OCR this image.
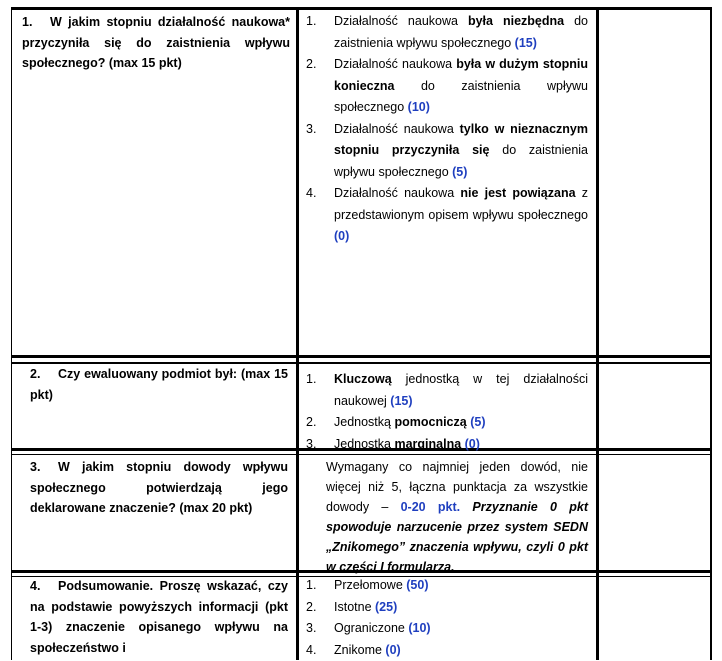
1. W jakim stopniu działalność naukowa* przyczyniła się do zaistnienia wpływu społecznego? (max 15 pkt)
1. Działalność naukowa była niezbędna do zaistnienia wpływu społecznego (15)
2. Działalność naukowa była w dużym stopniu konieczna do zaistnienia wpływu społecznego (10)
3. Działalność naukowa tylko w nieznacznym stopniu przyczyniła się do zaistnienia wpływu społecznego (5)
4. Działalność naukowa nie jest powiązana z przedstawionym opisem wpływu społecznego (0)
2. Czy ewaluowany podmiot był: (max 15 pkt)
1. Kluczową jednostką w tej działalności naukowej (15)
2. Jednostką pomocniczą (5)
3. Jednostką marginalną (0)
3. W jakim stopniu dowody wpływu społecznego potwierdzają jego deklarowane znaczenie? (max 20 pkt)
Wymagany co najmniej jeden dowód, nie więcej niż 5, łączna punktacja za wszystkie dowody – 0-20 pkt. Przyznanie 0 pkt spowoduje narzucenie przez system SEDN „Znikomego” znaczenia wpływu, czyli 0 pkt w części I formularza.
4. Podsumowanie. Proszę wskazać, czy na podstawie powyższych informacji (pkt 1-3) znaczenie opisanego wpływu na społeczeństwo i
1. Przełomowe (50)
2. Istotne (25)
3. Ograniczone (10)
4. Znikome (0)
